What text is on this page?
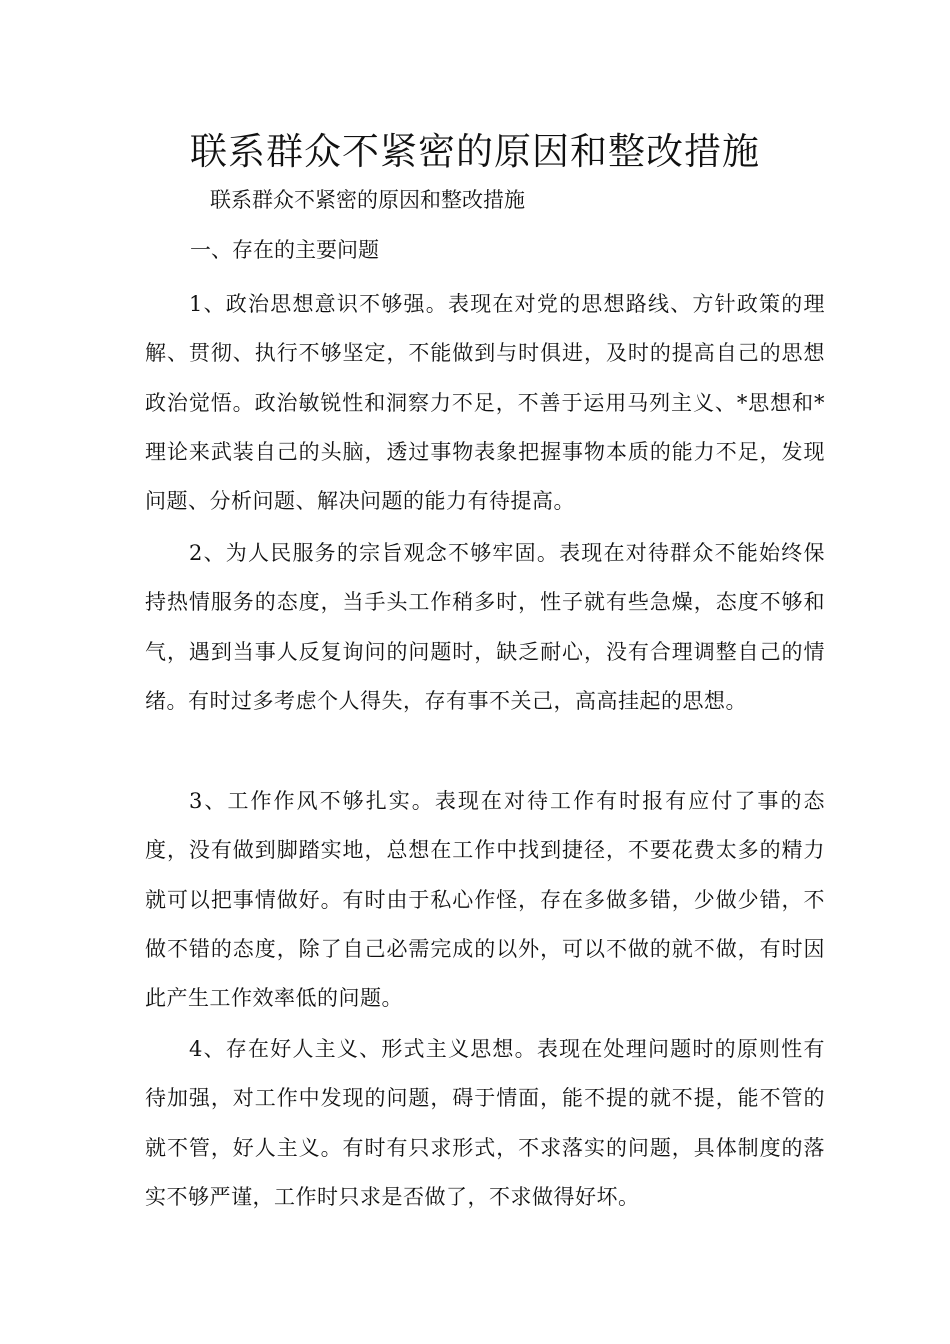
联系群众不紧密的原因和整改措施

联系群众不紧密的原因和整改措施

一、存在的主要问题

1、政治思想意识不够强。表现在对党的思想路线、方针政策的理解、贯彻、执行不够坚定，不能做到与时俱进，及时的提高自己的思想政治觉悟。政治敏锐性和洞察力不足，不善于运用马列主义、*思想和*理论来武装自己的头脑，透过事物表象把握事物本质的能力不足，发现问题、分析问题、解决问题的能力有待提高。

2、为人民服务的宗旨观念不够牢固。表现在对待群众不能始终保持热情服务的态度，当手头工作稍多时，性子就有些急燥，态度不够和气，遇到当事人反复询问的问题时，缺乏耐心，没有合理调整自己的情绪。有时过多考虑个人得失，存有事不关己，高高挂起的思想。

3、工作作风不够扎实。表现在对待工作有时报有应付了事的态度，没有做到脚踏实地，总想在工作中找到捷径，不要花费太多的精力就可以把事情做好。有时由于私心作怪，存在多做多错，少做少错，不做不错的态度，除了自己必需完成的以外，可以不做的就不做，有时因此产生工作效率低的问题。

4、存在好人主义、形式主义思想。表现在处理问题时的原则性有待加强，对工作中发现的问题，碍于情面，能不提的就不提，能不管的就不管，好人主义。有时有只求形式，不求落实的问题，具体制度的落实不够严谨，工作时只求是否做了，不求做得好坏。
